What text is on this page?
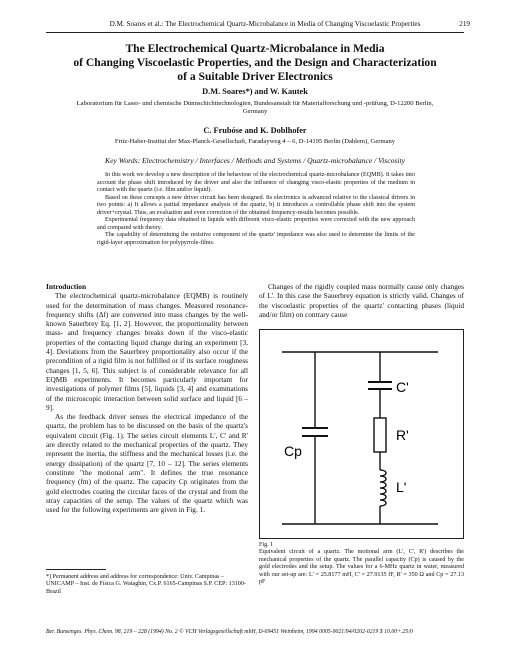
D.M. Soares et al.: The Electrochemical Quartz-Microbalance in Media of Changing Viscoelastic Properties	219
The Electrochemical Quartz-Microbalance in Media
of Changing Viscoelastic Properties, and the Design and Characterization
of a Suitable Driver Electronics
D.M. Soares*) and W. Kautek
Laboratorium für Laser- und chemische Dünnschichttechnologien, Bundesanstalt für Materialforschung und -prüfung, D-12200 Berlin,
Germany
C. Frubóse and K. Doblhofer
Fritz-Haber-Institut der Max-Planck-Gesellschaft, Faradayweg 4 – 6, D-14195 Berlin (Dahlem), Germany
Key Words: Electrochemistry / Interfaces / Methods and Systems / Quartz-microbalance / Viscosity

In this work we develop a new description of the behaviour of the electrochemical quartz-microbalance (EQMB). It takes into account the phase shift introduced by the driver and also the influence of changing visco-elastic properties of the medium in contact with the quartz (i.e. film and/or liquid).

Based on these concepts a new driver circuit has been designed. Its electronics is advanced relative to the classical drivers in two points: a) It allows a partial impedance analysis of the quartz, b) it introduces a controllable phase shift into the system driver+crystal. Thus, an evaluation and even correction of the obtained frequency-results becomes possible.

Experimental frequency data obtained in liquids with different visco-elastic properties were corrected with the new approach and compared with theory.

The capability of determining the resistive component of the quartz' impedance was also used to determine the limits of the rigid-layer approximation for polypyrrole-films.

Introduction

The electrochemical quartz-microbalance (EQMB) is routinely used for the determination of mass changes. Measured resonance-frequency shifts (Δf) are converted into mass changes by the well-known Sauerbrey Eq. [1, 2]. However, the proportionality between mass- and frequency changes breaks down if the visco-elastic properties of the contacting liquid change during an experiment [3, 4]. Deviations from the Sauerbrey proportionality also occur if the precondition of a rigid film is not fulfilled or if its surface roughness changes [1, 5, 6]. This subject is of considerable relevance for all EQMB experiments. It becomes particularly important for investigations of polymer films [5], liquids [3, 4] and examinations of the microscopic interaction between solid surface and liquid [6 – 9].

As the feedback driver senses the electrical impedance of the quartz, the problem has to be discussed on the basis of the quartz's equivalent circuit (Fig. 1). The series circuit elements L', C' and R' are directly related to the mechanical properties of the quartz. They represent the inertia, the stiffness and the mechanical losses (i.e. the energy dissipation) of the quartz [7, 10 – 12]. The series elements constitute "the motional arm". It defines the true resonance frequency (fm) of the quartz. The capacity Cp originates from the gold electrodes coating the circular faces of the crystal and from the stray capacities of the setup. The values of the quartz which was used for the following experiments are given in Fig. 1.

Changes of the rigidly coupled mass normally cause only changes of L'. In this case the Sauerbrey equation is strictly valid. Changes of the viscoelastic properties of the quartz' contacting phases (liquid and/or film) on contrary cause

C'
R'
L'
Cp
Fig. 1
Equivalent circuit of a quartz. The motional arm (L', C', R') describes the mechanical properties of the quartz. The parallel capacity (Cp) is caused by the gold electrodes and the setup. The values for a 6-MHz quartz in water, measured with our set-up are: L' = 25.8177 mH, C' = 27.9135 fF, R' = 350 Ω and Cp = 27.13 pF
*) Permanent address and address for correspondence: Univ. Campinas – UNICAMP – Inst. de Física G. Wataghin, Cx.P. 6165-Campinas S.P. CEP: 13100-Brazil
Ber. Bunsenges. Phys. Chem. 98, 219 – 228 (1994) No. 2 © VCH Verlagsgesellschaft mbH, D-69451 Weinheim, 1994 0005-9021/94/0202-0219 $ 10.00+.25/0
